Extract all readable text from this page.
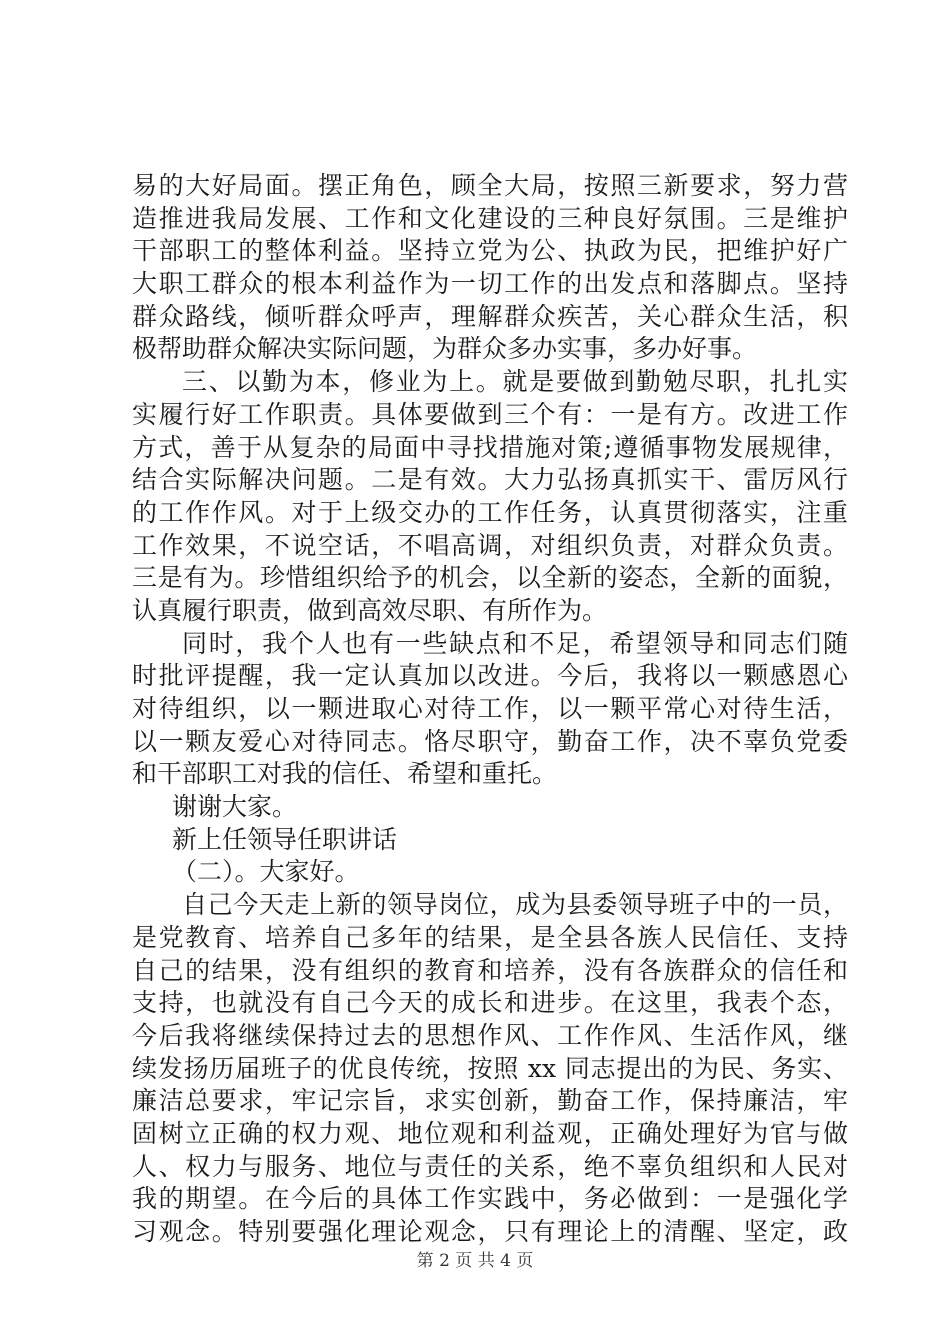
易的大好局面。摆正角色，顾全大局，按照三新要求，努力营
造推进我局发展、工作和文化建设的三种良好氛围。三是维护
干部职工的整体利益。坚持立党为公、执政为民，把维护好广
大职工群众的根本利益作为一切工作的出发点和落脚点。坚持
群众路线，倾听群众呼声，理解群众疾苦，关心群众生活，积
极帮助群众解决实际问题，为群众多办实事，多办好事。
三、以勤为本，修业为上。就是要做到勤勉尽职，扎扎实
实履行好工作职责。具体要做到三个有：一是有方。改进工作
方式，善于从复杂的局面中寻找措施对策;遵循事物发展规律，
结合实际解决问题。二是有效。大力弘扬真抓实干、雷厉风行
的工作作风。对于上级交办的工作任务，认真贯彻落实，注重
工作效果，不说空话，不唱高调，对组织负责，对群众负责。
三是有为。珍惜组织给予的机会，以全新的姿态，全新的面貌，
认真履行职责，做到高效尽职、有所作为。
同时，我个人也有一些缺点和不足，希望领导和同志们随
时批评提醒，我一定认真加以改进。今后，我将以一颗感恩心
对待组织，以一颗进取心对待工作，以一颗平常心对待生活，
以一颗友爱心对待同志。恪尽职守，勤奋工作，决不辜负党委
和干部职工对我的信任、希望和重托。
谢谢大家。
新上任领导任职讲话
（二）。大家好。
自己今天走上新的领导岗位，成为县委领导班子中的一员，
是党教育、培养自己多年的结果，是全县各族人民信任、支持
自己的结果，没有组织的教育和培养，没有各族群众的信任和
支持，也就没有自己今天的成长和进步。在这里，我表个态，
今后我将继续保持过去的思想作风、工作作风、生活作风，继
续发扬历届班子的优良传统，按照 xx 同志提出的为民、务实、
廉洁总要求，牢记宗旨，求实创新，勤奋工作，保持廉洁，牢
固树立正确的权力观、地位观和利益观，正确处理好为官与做
人、权力与服务、地位与责任的关系，绝不辜负组织和人民对
我的期望。在今后的具体工作实践中，务必做到：一是强化学
习观念。特别要强化理论观念，只有理论上的清醒、坚定，政
第 2 页 共 4 页
